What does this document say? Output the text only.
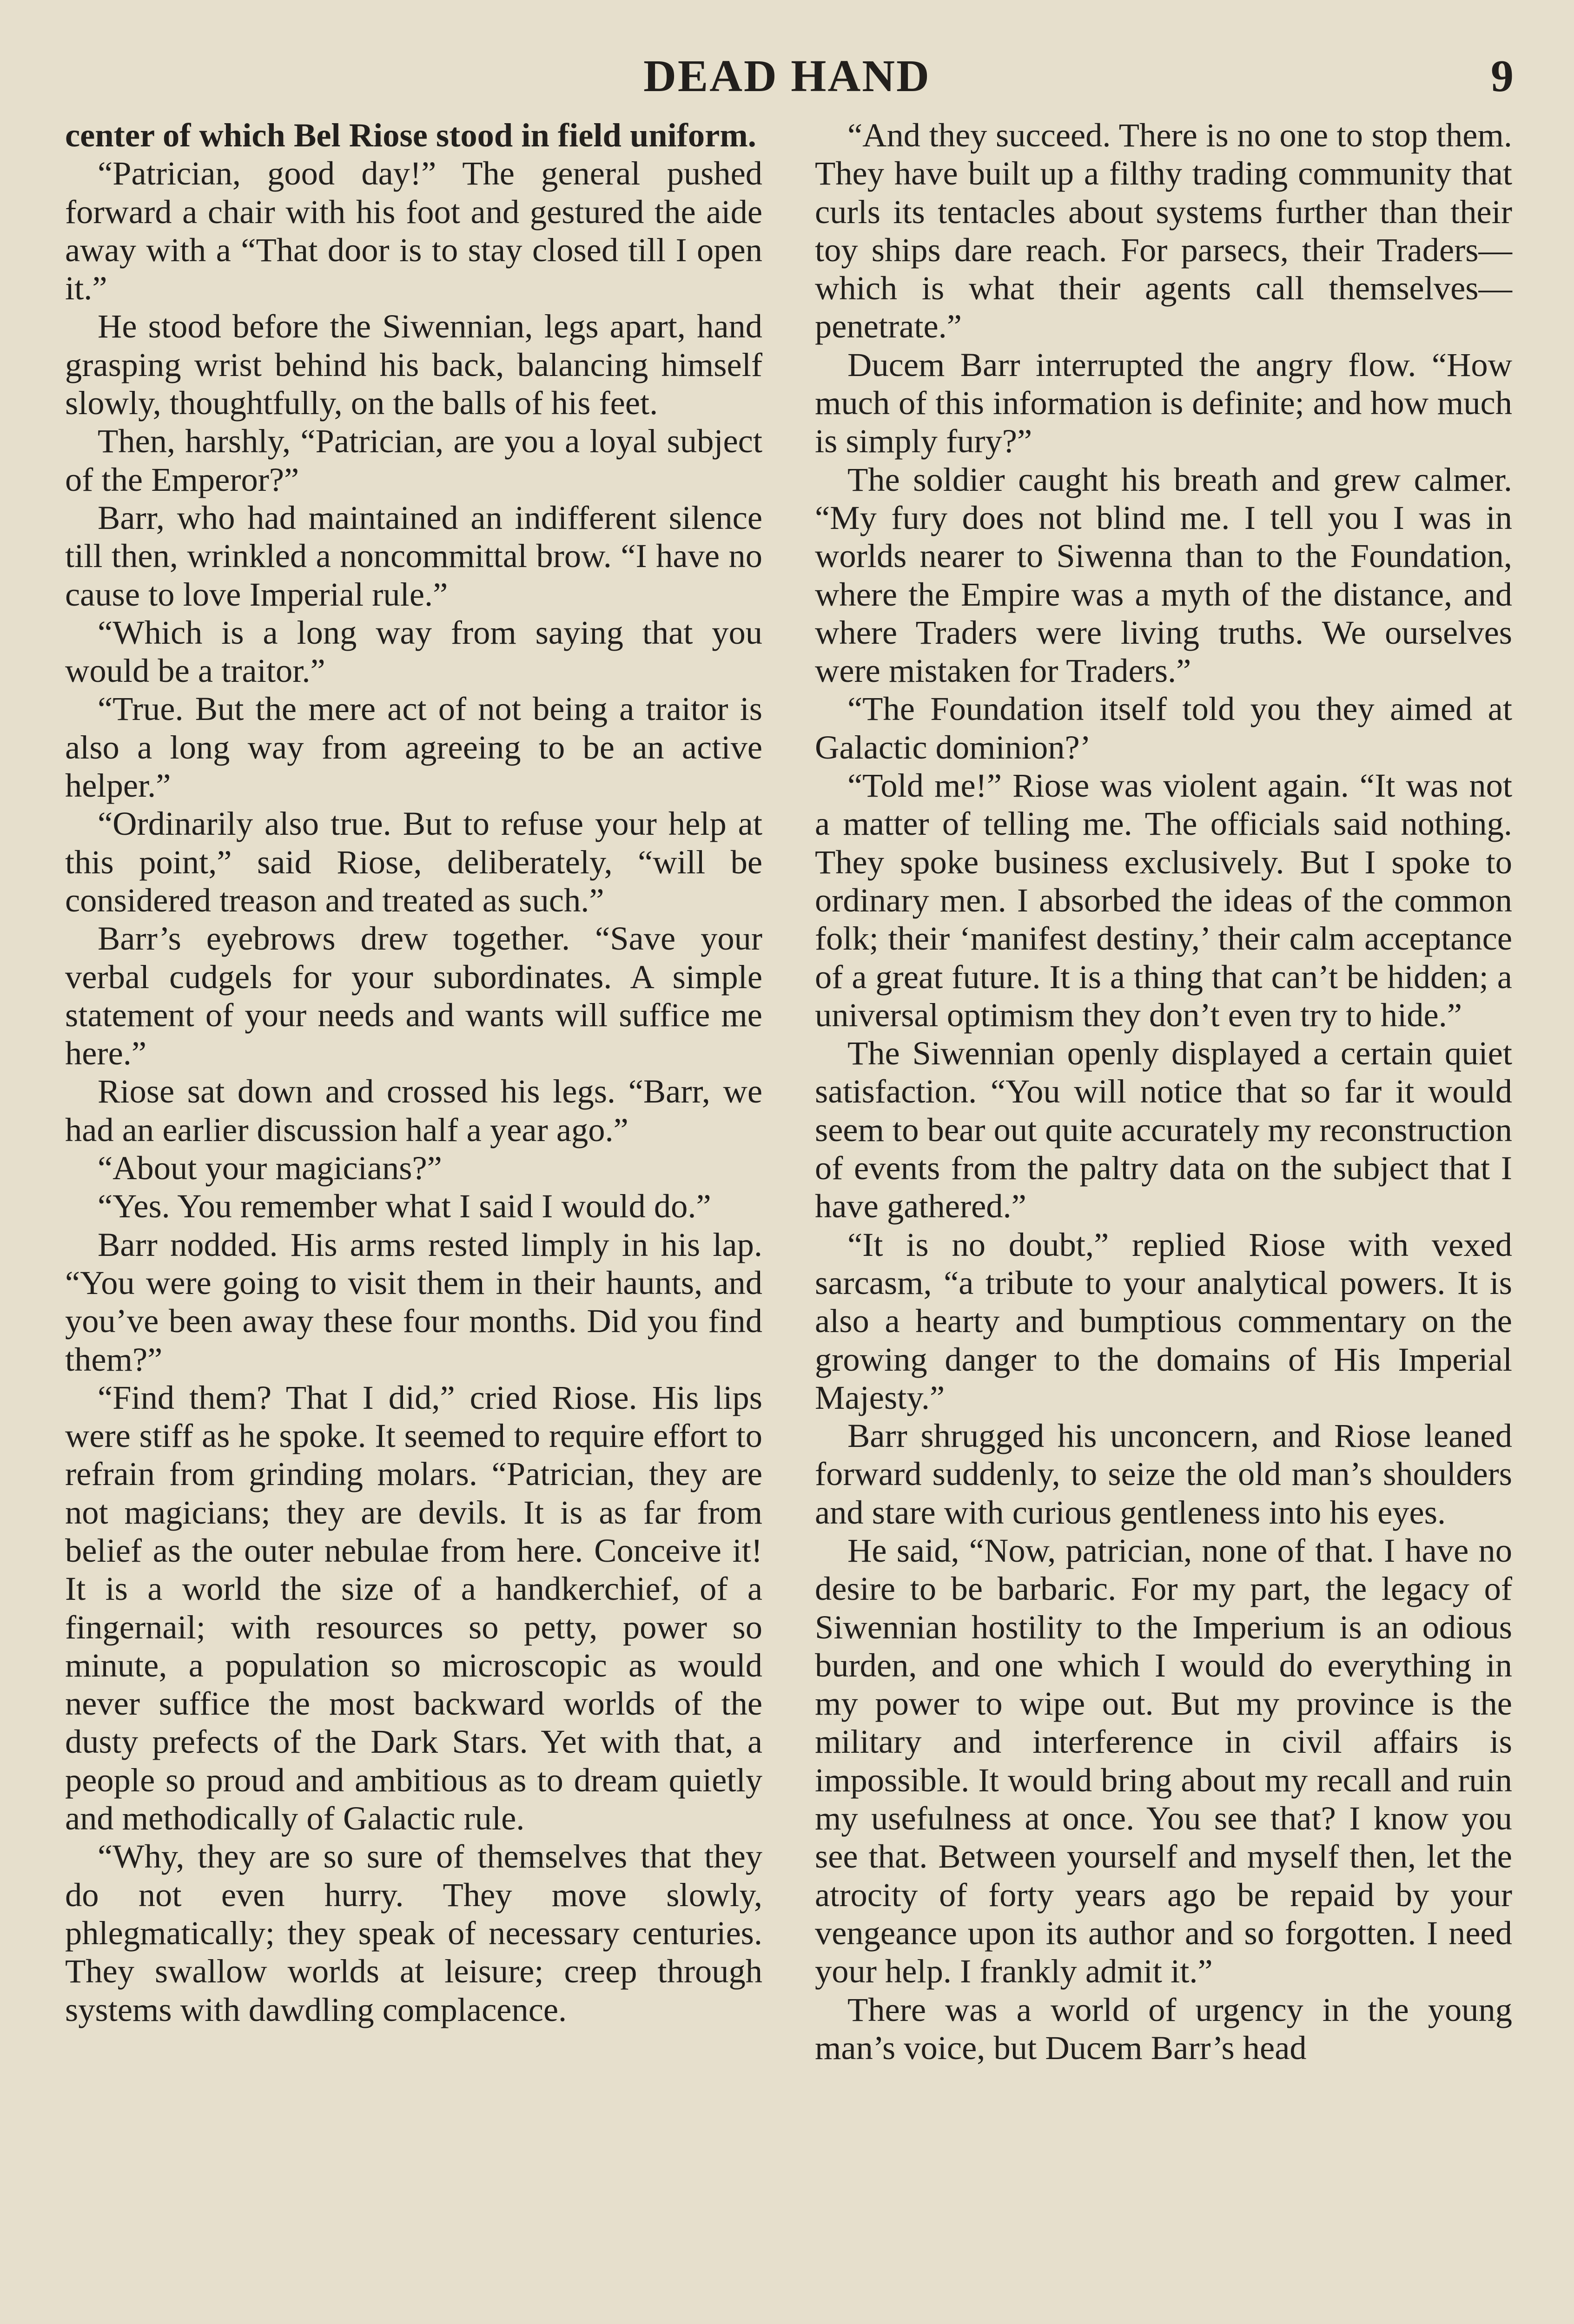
DEAD HAND	9

center of which Bel Riose stood in field uniform.

“Patrician, good day!” The general pushed forward a chair with his foot and gestured the aide away with a “That door is to stay closed till I open it.”

He stood before the Siwennian, legs apart, hand grasping wrist behind his back, balancing himself slowly, thoughtfully, on the balls of his feet.

Then, harshly, “Patrician, are you a loyal subject of the Emperor?”

Barr, who had maintained an indifferent silence till then, wrinkled a noncommittal brow. “I have no cause to love Imperial rule.”

“Which is a long way from saying that you would be a traitor.”

“True. But the mere act of not being a traitor is also a long way from agreeing to be an active helper.”

“Ordinarily also true. But to refuse your help at this point,” said Riose, deliberately, “will be considered treason and treated as such.”

Barr’s eyebrows drew together. “Save your verbal cudgels for your subordinates. A simple statement of your needs and wants will suffice me here.”

Riose sat down and crossed his legs. “Barr, we had an earlier discussion half a year ago.”

“About your magicians?”

“Yes. You remember what I said I would do.”

Barr nodded. His arms rested limply in his lap. “You were going to visit them in their haunts, and you’ve been away these four months. Did you find them?”

“Find them? That I did,” cried Riose. His lips were stiff as he spoke. It seemed to require effort to refrain from grinding molars. “Patrician, they are not magicians; they are devils. It is as far from belief as the outer nebulae from here. Conceive it! It is a world the size of a handkerchief, of a fingernail; with resources so petty, power so minute, a population so microscopic as would never suffice the most backward worlds of the dusty prefects of the Dark Stars. Yet with that, a people so proud and ambitious as to dream quietly and methodically of Galactic rule.

“Why, they are so sure of themselves that they do not even hurry. They move slowly, phlegmatically; they speak of necessary centuries. They swallow worlds at leisure; creep through systems with dawdling complacence.

“And they succeed. There is no one to stop them. They have built up a filthy trading community that curls its tentacles about systems further than their toy ships dare reach. For parsecs, their Traders—which is what their agents call themselves—penetrate.”

Ducem Barr interrupted the angry flow. “How much of this information is definite; and how much is simply fury?”

The soldier caught his breath and grew calmer. “My fury does not blind me. I tell you I was in worlds nearer to Siwenna than to the Foundation, where the Empire was a myth of the distance, and where Traders were living truths. We ourselves were mistaken for Traders.”

“The Foundation itself told you they aimed at Galactic dominion?’

“Told me!” Riose was violent again. “It was not a matter of telling me. The officials said nothing. They spoke business exclusively. But I spoke to ordinary men. I absorbed the ideas of the common folk; their ‘manifest destiny,’ their calm acceptance of a great future. It is a thing that can’t be hidden; a universal optimism they don’t even try to hide.”

The Siwennian openly displayed a certain quiet satisfaction. “You will notice that so far it would seem to bear out quite accurately my reconstruction of events from the paltry data on the subject that I have gathered.”

“It is no doubt,” replied Riose with vexed sarcasm, “a tribute to your analytical powers. It is also a hearty and bumptious commentary on the growing danger to the domains of His Imperial Majesty.”

Barr shrugged his unconcern, and Riose leaned forward suddenly, to seize the old man’s shoulders and stare with curious gentleness into his eyes.

He said, “Now, patrician, none of that. I have no desire to be barbaric. For my part, the legacy of Siwennian hostility to the Imperium is an odious burden, and one which I would do everything in my power to wipe out. But my province is the military and interference in civil affairs is impossible. It would bring about my recall and ruin my usefulness at once. You see that? I know you see that. Between yourself and myself then, let the atrocity of forty years ago be repaid by your vengeance upon its author and so forgotten. I need your help. I frankly admit it.”

There was a world of urgency in the young man’s voice, but Ducem Barr’s head
